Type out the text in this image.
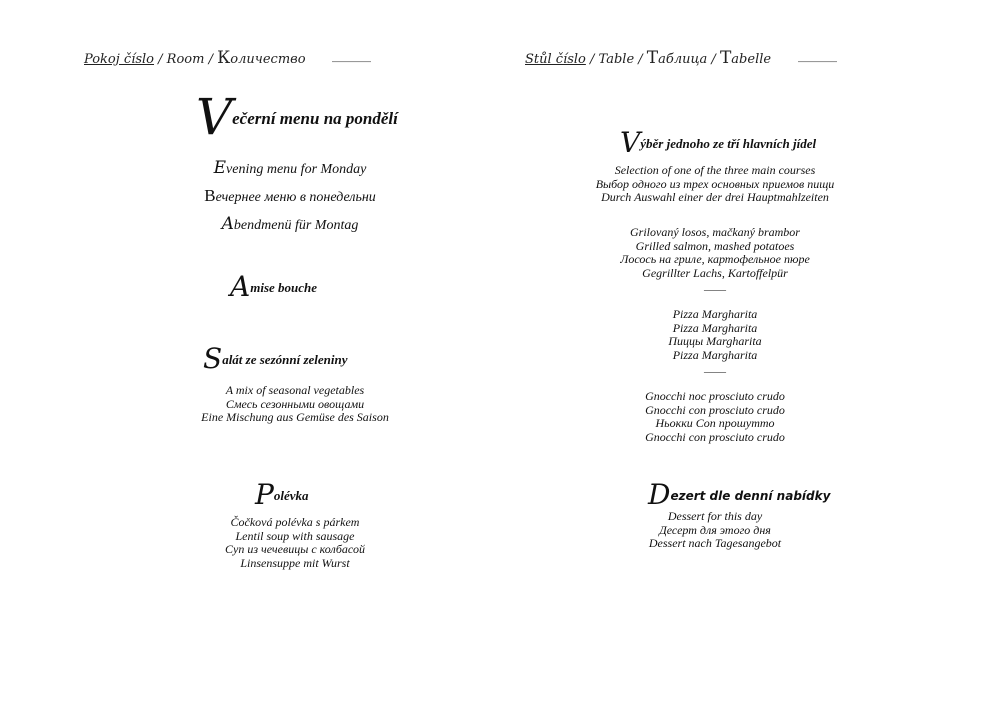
Pokoj číslo / Room / Количество ______	Stůl číslo / Table / Таблица / Tabelle ______
Večerní menu na pondělí
Evening menu for Monday
Вечернее меню в понедельни
Abendmenü für Montag
Amise bouche
Salát ze sezónní zeleniny
A mix of seasonal vegetables
Смесь сезонными овощами
Eine Mischung aus Gemüse des Saison
Polévka
Čočková polévka s párkem
Lentil soup with sausage
Суп из чечевицы с колбасой
Linsensuppe mit Wurst
Výběr jednoho ze tří hlavních jídel
Selection of one of the three main courses
Выбор одного из трех основных приемов пищи
Durch Auswahl einer der drei Hauptmahlzeiten
Grilovaný losos, mačkaný brambor
Grilled salmon, mashed potatoes
Лосось на гриле, картофельное пюре
Gegrillter Lachs, Kartoffelpür
____
Pizza Margharita
Pizza Margharita
Пиццы Margharita
Pizza Margharita
____
Gnocchi noc prosciuto crudo
Gnocchi con prosciuto crudo
Ньокки Con прошутто
Gnocchi con prosciuto crudo
Dezert dle denní nabídky
Dessert for this day
Десерт для этого дня
Dessert nach Tagesangebot
